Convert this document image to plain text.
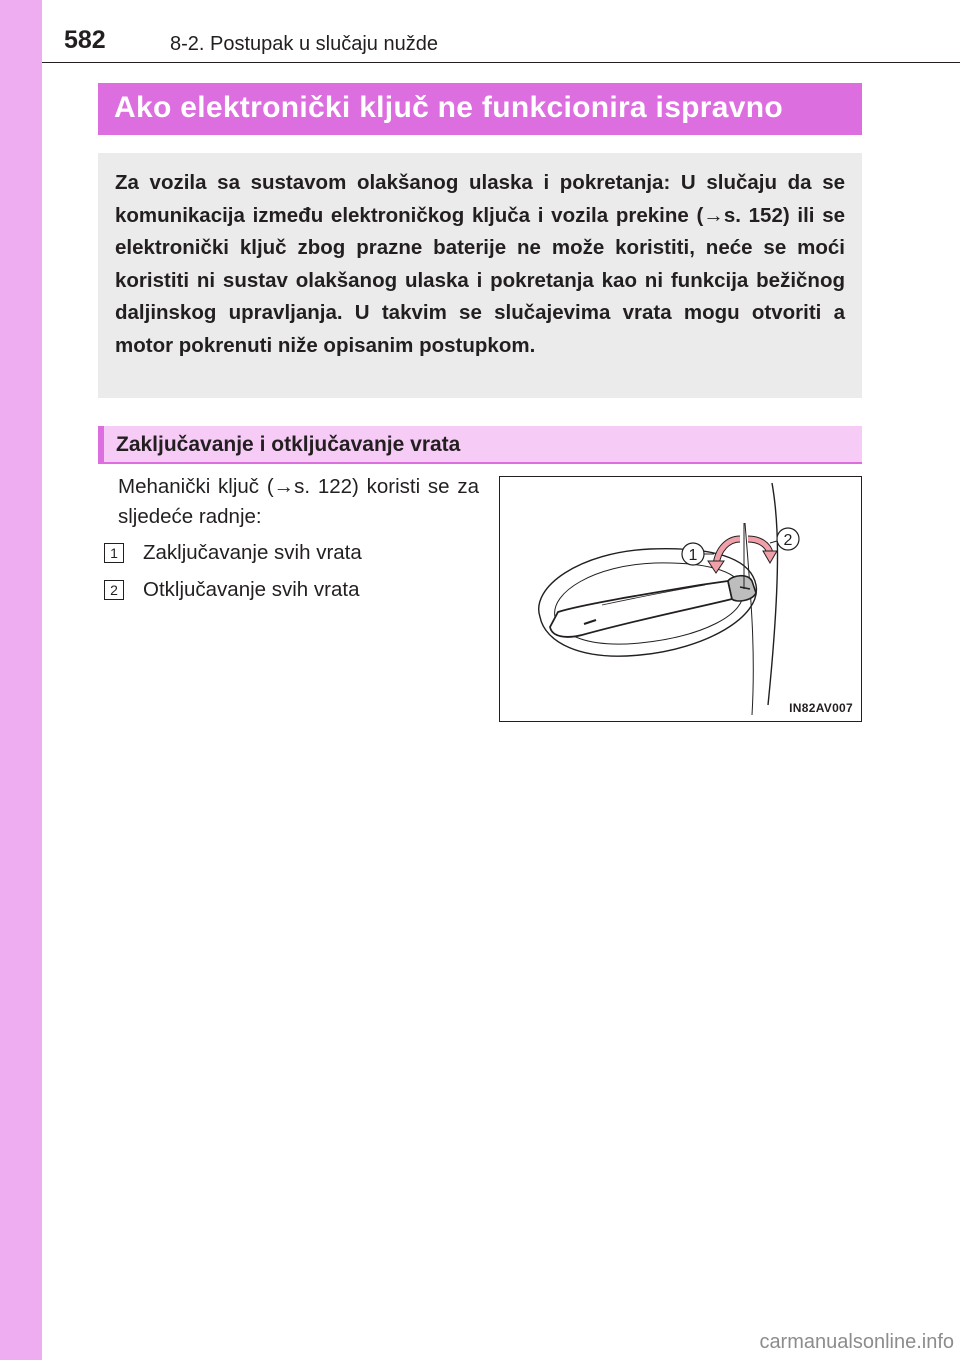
582	8-2. Postupak u slučaju nužde
Ako elektronički ključ ne funkcionira ispravno

Za vozila sa sustavom olakšanog ulaska i pokretanja: U slučaju da se komunikacija između elektroničkog ključa i vozila prekine (→s. 152) ili se elektronički ključ zbog prazne baterije ne može koristiti, neće se moći koristiti ni sustav olakšanog ulaska i pokretanja kao ni funkcija bežičnog daljinskog upravljanja. U takvim se slučajevima vrata mogu otvoriti a motor pokrenuti niže opisanim postupkom.

Zaključavanje i otključavanje vrata

Mehanički ključ (→s. 122) koristi se za sljedeće radnje:

1 Zaključavanje svih vrata
2 Otključavanje svih vrata
1
2
IN82AV007
carmanualsonline.info
